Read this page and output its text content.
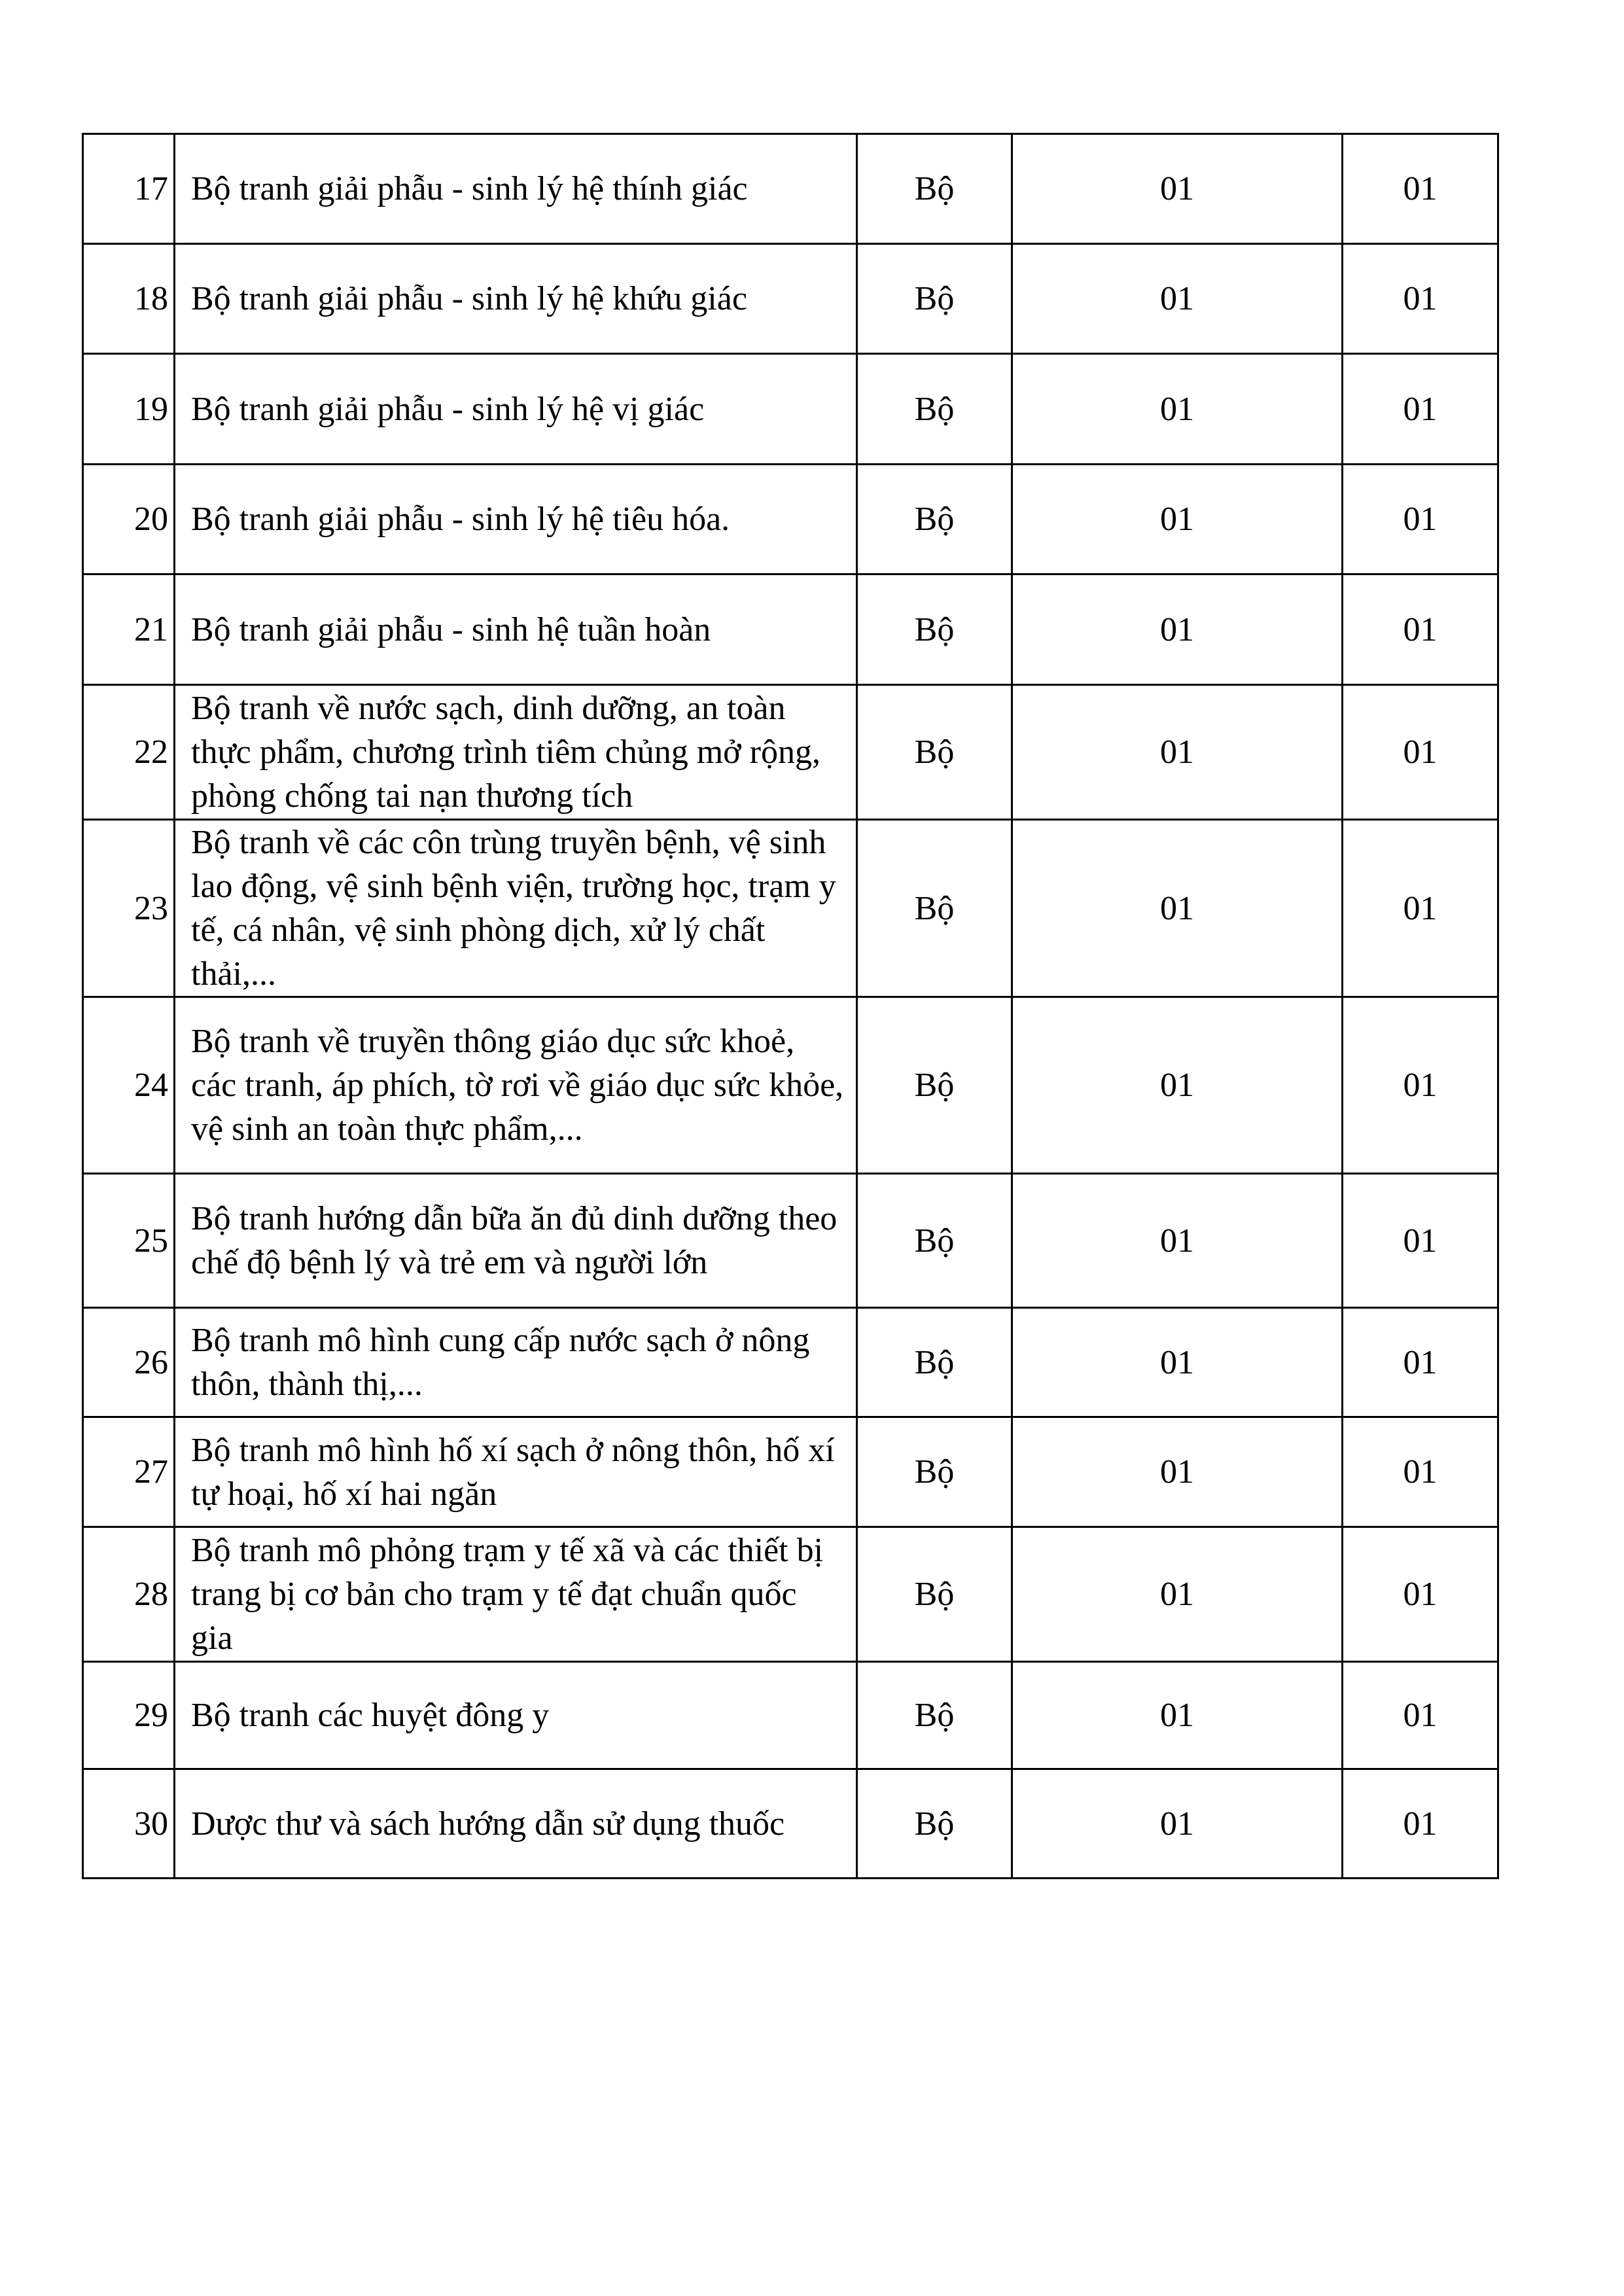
17	Bộ tranh giải phẫu - sinh lý hệ thính giác	Bộ	01	01
18	Bộ tranh giải phẫu - sinh lý hệ khứu giác	Bộ	01	01
19	Bộ tranh giải phẫu - sinh lý hệ vị giác	Bộ	01	01
20	Bộ tranh giải phẫu - sinh lý hệ tiêu hóa.	Bộ	01	01
21	Bộ tranh giải phẫu - sinh hệ tuần hoàn	Bộ	01	01
22	Bộ tranh về nước sạch, dinh dưỡng, an toàn thực phẩm, chương trình tiêm chủng mở rộng, phòng chống tai nạn thương tích	Bộ	01	01
23	Bộ tranh về các côn trùng truyền bệnh, vệ sinh lao động, vệ sinh bệnh viện, trường học, trạm y tế, cá nhân, vệ sinh phòng dịch, xử lý chất thải,...	Bộ	01	01
24	Bộ tranh về truyền thông giáo dục sức khoẻ, các tranh, áp phích, tờ rơi về giáo dục sức khỏe, vệ sinh an toàn thực phẩm,...	Bộ	01	01
25	Bộ tranh hướng dẫn bữa ăn đủ dinh dưỡng theo chế độ bệnh lý và trẻ em và người lớn	Bộ	01	01
26	Bộ tranh mô hình cung cấp nước sạch ở nông thôn, thành thị,...	Bộ	01	01
27	Bộ tranh mô hình hố xí sạch ở nông thôn, hố xí tự hoại, hố xí hai ngăn	Bộ	01	01
28	Bộ tranh mô phỏng trạm y tế xã và các thiết bị trang bị cơ bản cho trạm y tế đạt chuẩn quốc gia	Bộ	01	01
29	Bộ tranh các huyệt đông y	Bộ	01	01
30	Dược thư và sách hướng dẫn sử dụng thuốc	Bộ	01	01
